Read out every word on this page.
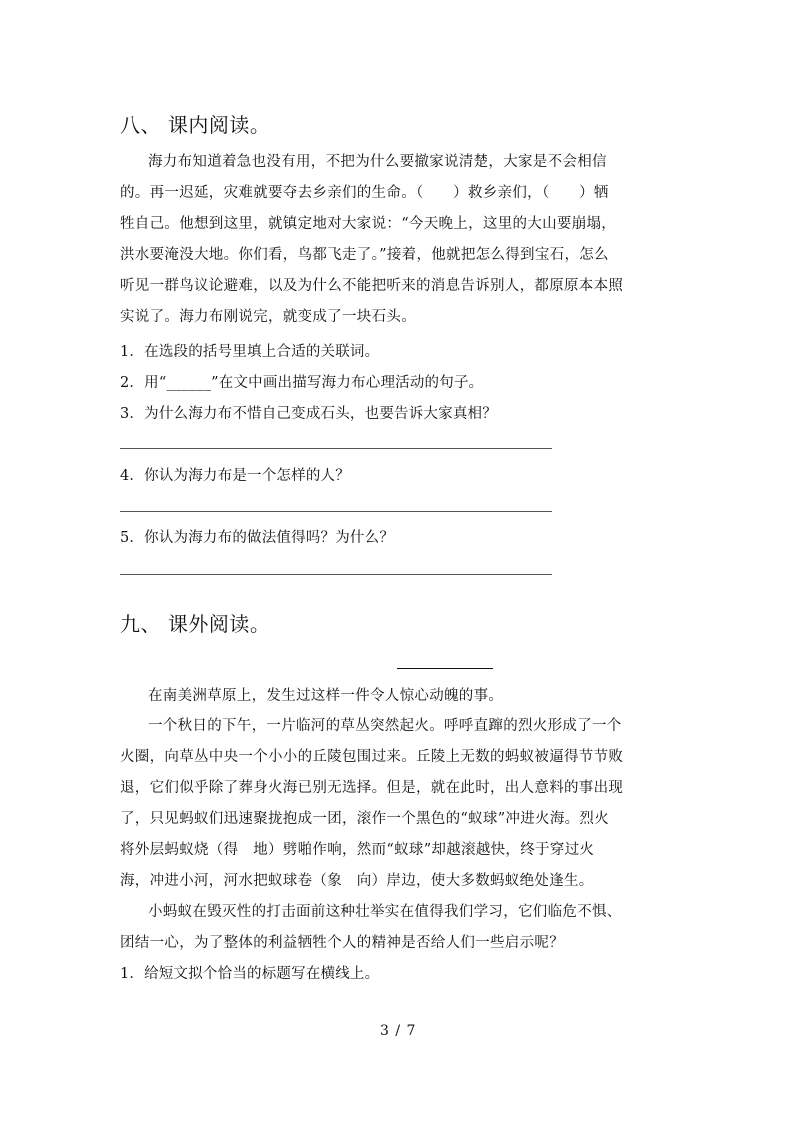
八、 课内阅读。
海力布知道着急也没有用，不把为什么要撤家说清楚，大家是不会相信
的。再一迟延，灾难就要夺去乡亲们的生命。（　　）救乡亲们，（　　）牺
牲自己。他想到这里，就镇定地对大家说：“今天晚上，这里的大山要崩塌，
洪水要淹没大地。你们看，鸟都飞走了。”接着，他就把怎么得到宝石，怎么
听见一群鸟议论避难，以及为什么不能把听来的消息告诉别人，都原原本本照
实说了。海力布刚说完，就变成了一块石头。
1．在选段的括号里填上合适的关联词。
2．用“______”在文中画出描写海力布心理活动的句子。
3．为什么海力布不惜自己变成石头，也要告诉大家真相？
4．你认为海力布是一个怎样的人？
5．你认为海力布的做法值得吗？为什么？
九、 课外阅读。
在南美洲草原上，发生过这样一件令人惊心动魄的事。
一个秋日的下午，一片临河的草丛突然起火。呼呼直蹿的烈火形成了一个
火圈，向草丛中央一个小小的丘陵包围过来。丘陵上无数的蚂蚁被逼得节节败
退，它们似乎除了葬身火海已别无选择。但是，就在此时，出人意料的事出现
了，只见蚂蚁们迅速聚拢抱成一团，滚作一个黑色的“蚁球”冲进火海。烈火
将外层蚂蚁烧（得　地）劈啪作响，然而“蚁球”却越滚越快，终于穿过火
海，冲进小河，河水把蚁球卷（象　向）岸边，使大多数蚂蚁绝处逢生。
小蚂蚁在毁灭性的打击面前这种壮举实在值得我们学习，它们临危不惧、
团结一心，为了整体的利益牺牲个人的精神是否给人们一些启示呢？
1．给短文拟个恰当的标题写在横线上。
3 / 7
